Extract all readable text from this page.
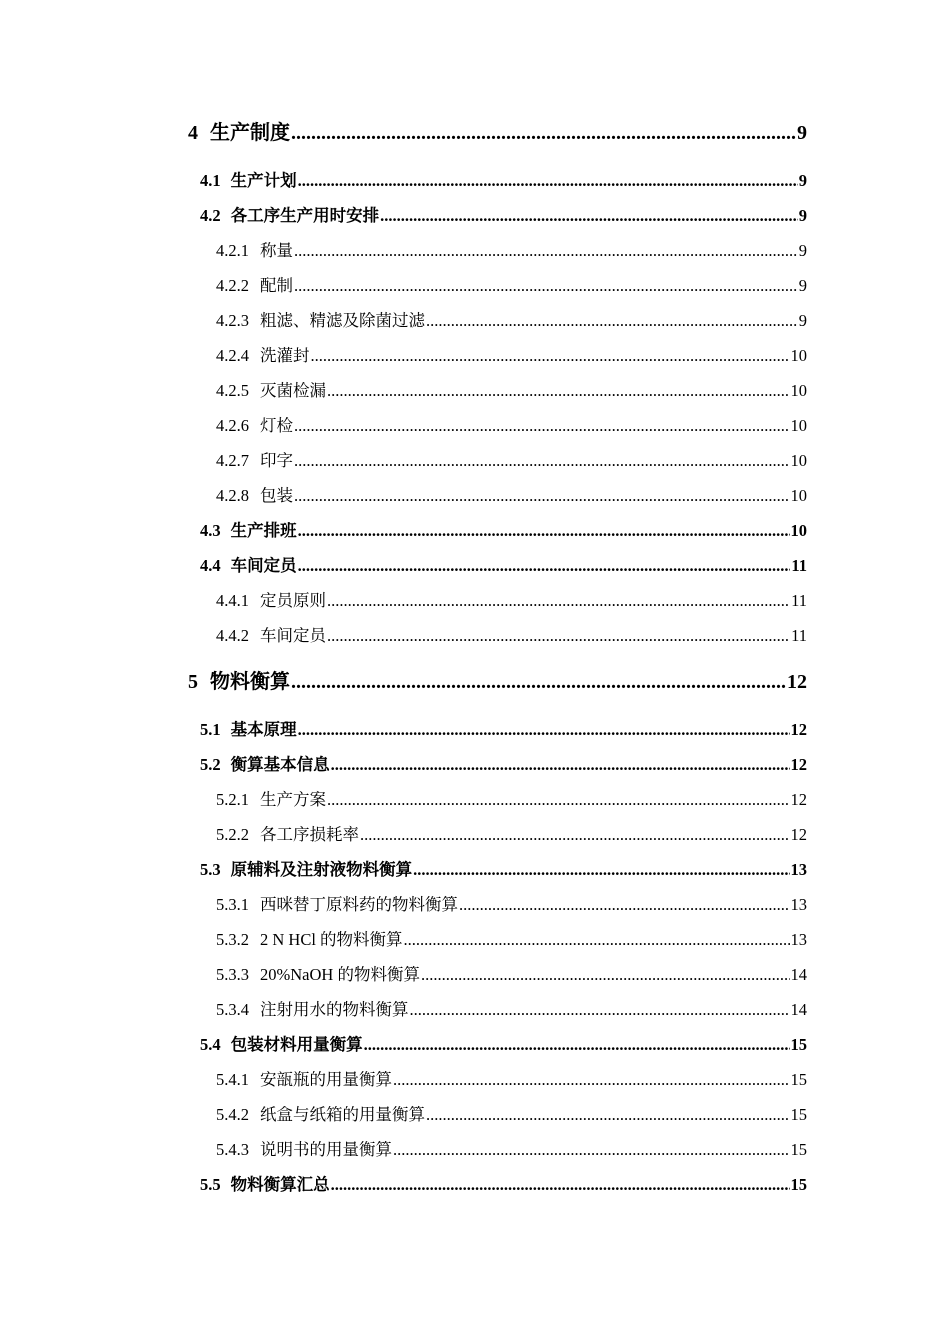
4 生产制度 .....	9
4.1 生产计划 .....	9
4.2 各工序生产用时安排 .....	9
4.2.1 称量 .....	9
4.2.2 配制 .....	9
4.2.3 粗滤、精滤及除菌过滤 .....	9
4.2.4 洗灌封 .....	10
4.2.5 灭菌检漏 .....	10
4.2.6 灯检 .....	10
4.2.7 印字 .....	10
4.2.8 包装 .....	10
4.3 生产排班 .....	10
4.4 车间定员 .....	11
4.4.1 定员原则 .....	11
4.4.2 车间定员 .....	11
5 物料衡算 .....	12
5.1 基本原理 .....	12
5.2 衡算基本信息 .....	12
5.2.1 生产方案 .....	12
5.2.2 各工序损耗率 .....	12
5.3 原辅料及注射液物料衡算 .....	13
5.3.1 西咪替丁原料药的物料衡算 .....	13
5.3.2 2 N HCl 的物料衡算 .....	13
5.3.3 20%NaOH 的物料衡算 .....	14
5.3.4 注射用水的物料衡算 .....	14
5.4 包装材料用量衡算 .....	15
5.4.1 安瓿瓶的用量衡算 .....	15
5.4.2 纸盒与纸箱的用量衡算 .....	15
5.4.3 说明书的用量衡算 .....	15
5.5 物料衡算汇总 .....	15
